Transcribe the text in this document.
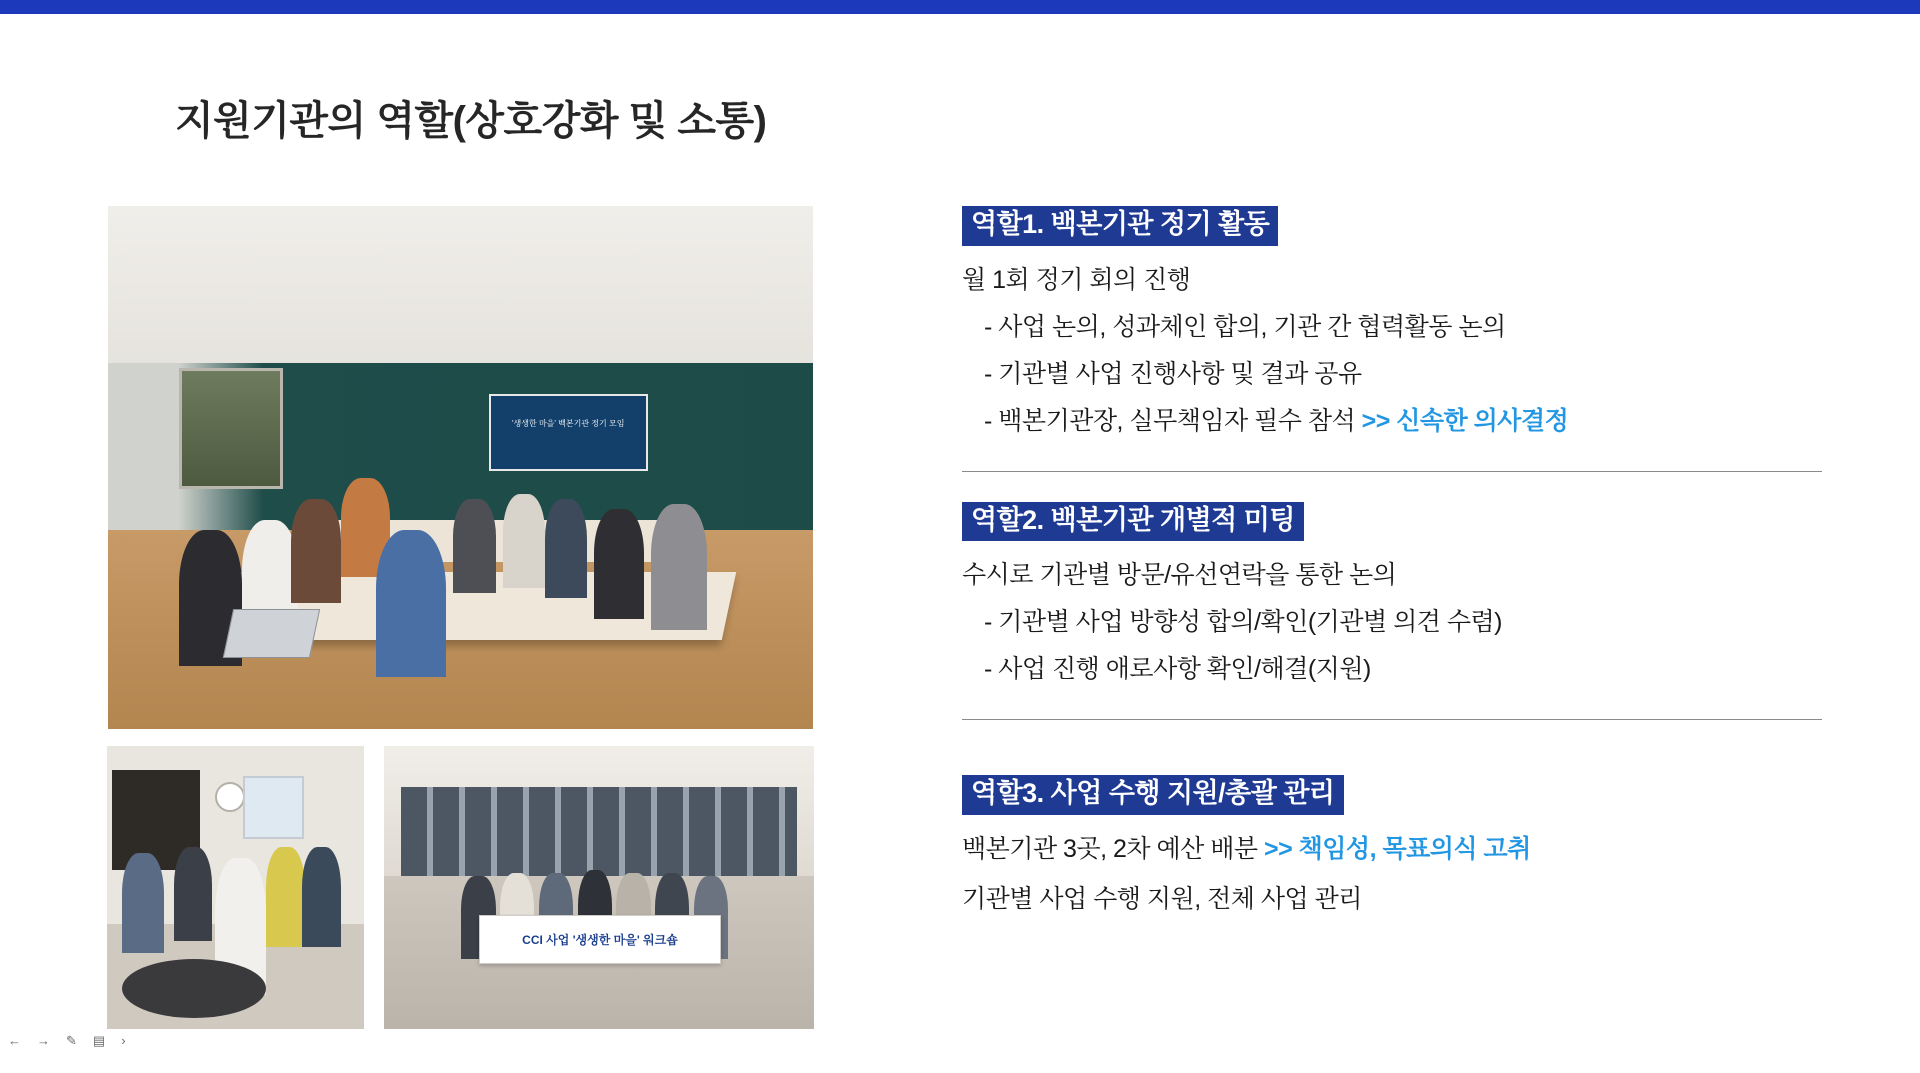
지원기관의 역할(상호강화 및 소통)
'생생한 마을' 백본기관 정기 모임
CCI 사업 '생생한 마을' 워크숍
역할1. 백본기관 정기 활동
월 1회 정기 회의 진행
- 사업 논의, 성과체인 합의, 기관 간 협력활동 논의
- 기관별 사업 진행사항 및 결과 공유
- 백본기관장, 실무책임자 필수 참석 >> 신속한 의사결정
역할2. 백본기관 개별적 미팅
수시로 기관별 방문/유선연락을 통한 논의
- 기관별 사업 방향성 합의/확인(기관별 의견 수렴)
- 사업 진행 애로사항 확인/해결(지원)
역할3. 사업 수행 지원/총괄 관리
백본기관 3곳, 2차 예산 배분 >> 책임성, 목표의식 고취
기관별 사업 수행 지원, 전체 사업 관리
← → ✎ ▤ ›
